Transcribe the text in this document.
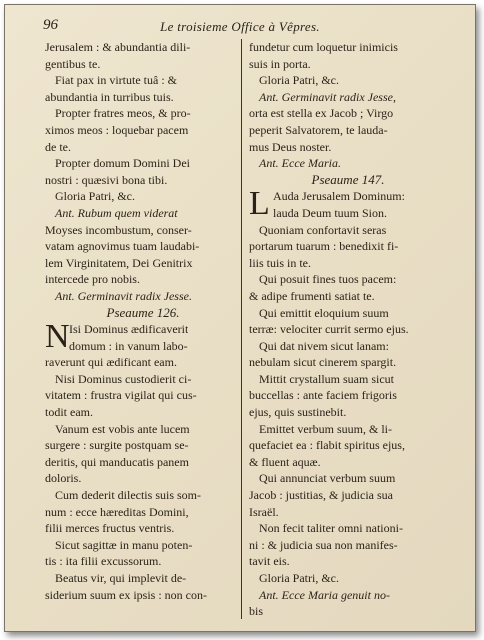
96	Le troisieme Office à Vêpres.
Jerusalem : & abundantia dili-
gentibus te.
Fiat pax in virtute tuâ : &
abundantia in turribus tuis.
Propter fratres meos, & pro-
ximos meos : loquebar pacem
de te.
Propter domum Domini Dei
nostri : quæsivi bona tibi.
Gloria Patri, &c.
Ant. Rubum quem viderat
Moyses incombustum, conser-
vatam agnovimus tuam laudabi-
lem Virginitatem, Dei Genitrix
intercede pro nobis.
Ant. Germinavit radix Jesse.
Pseaume 126.
N Isi Dominus ædificaverit
domum : in vanum labo-
raverunt qui ædificant eam.
Nisi Dominus custodierit ci-
vitatem : frustra vigilat qui cus-
todit eam.
Vanum est vobis ante lucem
surgere : surgite postquam se-
deritis, qui manducatis panem
doloris.
Cum dederit dilectis suis som-
num : ecce hæreditas Domini,
filii merces fructus ventris.
Sicut sagittæ in manu poten-
tis : ita filii excussorum.
Beatus vir, qui implevit de-
siderium suum ex ipsis : non con-
fundetur cum loquetur inimicis
suis in porta.
Gloria Patri, &c.
Ant. Germinavit radix Jesse,
orta est stella ex Jacob ; Virgo
peperit Salvatorem, te lauda-
mus Deus noster.
Ant. Ecce Maria.
Pseaume 147.
L Auda Jerusalem Dominum:
lauda Deum tuum Sion.
Quoniam confortavit seras
portarum tuarum : benedixit fi-
liis tuis in te.
Qui posuit fines tuos pacem:
& adipe frumenti satiat te.
Qui emittit eloquium suum
terræ: velociter currit sermo ejus.
Qui dat nivem sicut lanam:
nebulam sicut cinerem spargit.
Mittit crystallum suam sicut
buccellas : ante faciem frigoris
ejus, quis sustinebit.
Emittet verbum suum, & li-
quefaciet ea : flabit spiritus ejus,
& fluent aquæ.
Qui annunciat verbum suum
Jacob : justitias, & judicia sua
Israël.
Non fecit taliter omni nationi-
ni : & judicia sua non manifes-
tavit eis.
Gloria Patri, &c.
Ant. Ecce Maria genuit no-
bis
